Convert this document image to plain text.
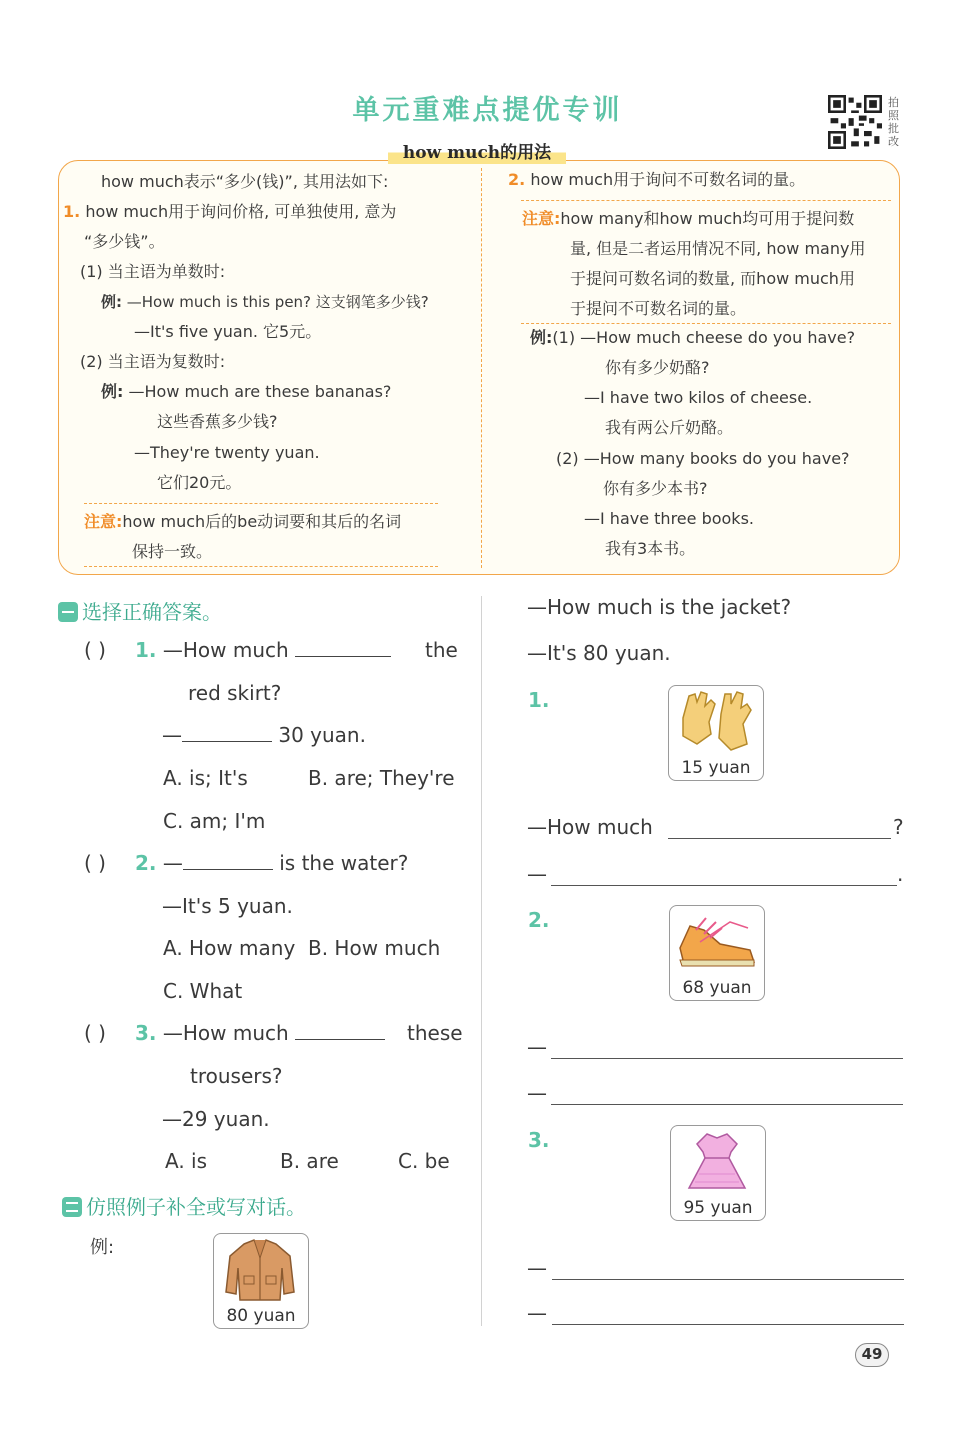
单元重难点提优专训	拍照批改
how much的用法
how much表示“多少(钱)”, 其用法如下:
1. how much用于询问价格, 可单独使用, 意为
“多少钱”。
(1) 当主语为单数时:
例: —How much is this pen? 这支钢笔多少钱?
—It's five yuan. 它5元。
(2) 当主语为复数时:
例: —How much are these bananas?
这些香蕉多少钱?
—They're twenty yuan.
它们20元。
注意:how much后的be动词要和其后的名词
保持一致。
2. how much用于询问不可数名词的量。
注意:how many和how much均可用于提问数
量, 但是二者运用情况不同, how many用
于提问可数名词的数量, 而how much用
于提问不可数名词的量。
例:(1) —How much cheese do you have?
你有多少奶酪?
—I have two kilos of cheese.
我有两公斤奶酪。
(2) —How many books do you have?
你有多少本书?
—I have three books.
我有3本书。
选择正确答案。
( ) 1. —How much	the
red skirt?
—	30 yuan.
A. is; It's	B. are; They're
C. am; I'm
( ) 2. —	is the water?
—It's 5 yuan.
A. How many B. How much
C. What
( ) 3. —How much	these
trousers?
—29 yuan.
A. is	B. are	C. be
仿照例子补全或写对话。
例:
80 yuan
—How much is the jacket?
—It's 80 yuan.
1.
15 yuan
—How much	?
—	.
2.
68 yuan
—
—
3.
95 yuan
—
—
49
